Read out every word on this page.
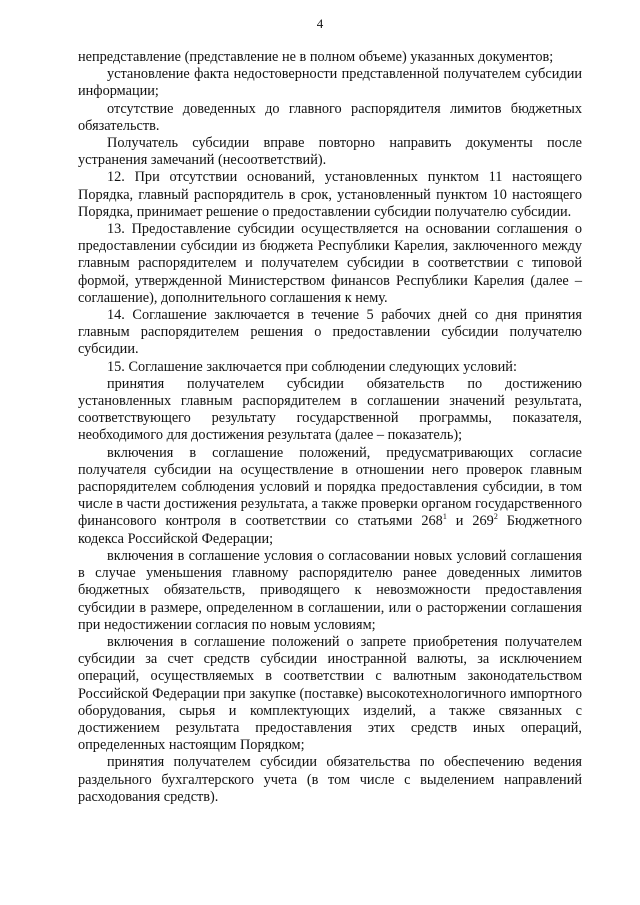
4

непредставление (представление не в полном объеме) указанных документов;

установление факта недостоверности представленной получателем субсидии информации;

отсутствие доведенных до главного распорядителя лимитов бюджетных обязательств.

Получатель субсидии вправе повторно направить документы после устранения замечаний (несоответствий).

12. При отсутствии оснований, установленных пунктом 11 настоящего Порядка, главный распорядитель в срок, установленный пунктом 10 настоящего Порядка, принимает решение о предоставлении субсидии получателю субсидии.

13. Предоставление субсидии осуществляется на основании соглашения о предоставлении субсидии из бюджета Республики Карелия, заключенного между главным распорядителем и получателем субсидии в соответствии с типовой формой, утвержденной Министерством финансов Республики Карелия (далее – соглашение), дополнительного соглашения к нему.

14. Соглашение заключается в течение 5 рабочих дней со дня принятия главным распорядителем решения о предоставлении субсидии получателю субсидии.

15. Соглашение заключается при соблюдении следующих условий:

принятия получателем субсидии обязательств по достижению установленных главным распорядителем в соглашении значений результата, соответствующего результату государственной программы, показателя, необходимого для достижения результата (далее – показатель);

включения в соглашение положений, предусматривающих согласие получателя субсидии на осуществление в отношении него проверок главным распорядителем соблюдения условий и порядка предоставления субсидии, в том числе в части достижения результата, а также проверки органом государственного финансового контроля в соответствии со статьями $268^1$ и $269^2$ Бюджетного кодекса Российской Федерации;

включения в соглашение условия о согласовании новых условий соглашения в случае уменьшения главному распорядителю ранее доведенных лимитов бюджетных обязательств, приводящего к невозможности предоставления субсидии в размере, определенном в соглашении, или о расторжении соглашения при недостижении согласия по новым условиям;

включения в соглашение положений о запрете приобретения получателем субсидии за счет средств субсидии иностранной валюты, за исключением операций, осуществляемых в соответствии с валютным законодательством Российской Федерации при закупке (поставке) высокотехнологичного импортного оборудования, сырья и комплектующих изделий, а также связанных с достижением результата предоставления этих средств иных операций, определенных настоящим Порядком;

принятия получателем субсидии обязательства по обеспечению ведения раздельного бухгалтерского учета (в том числе с выделением направлений расходования средств).
